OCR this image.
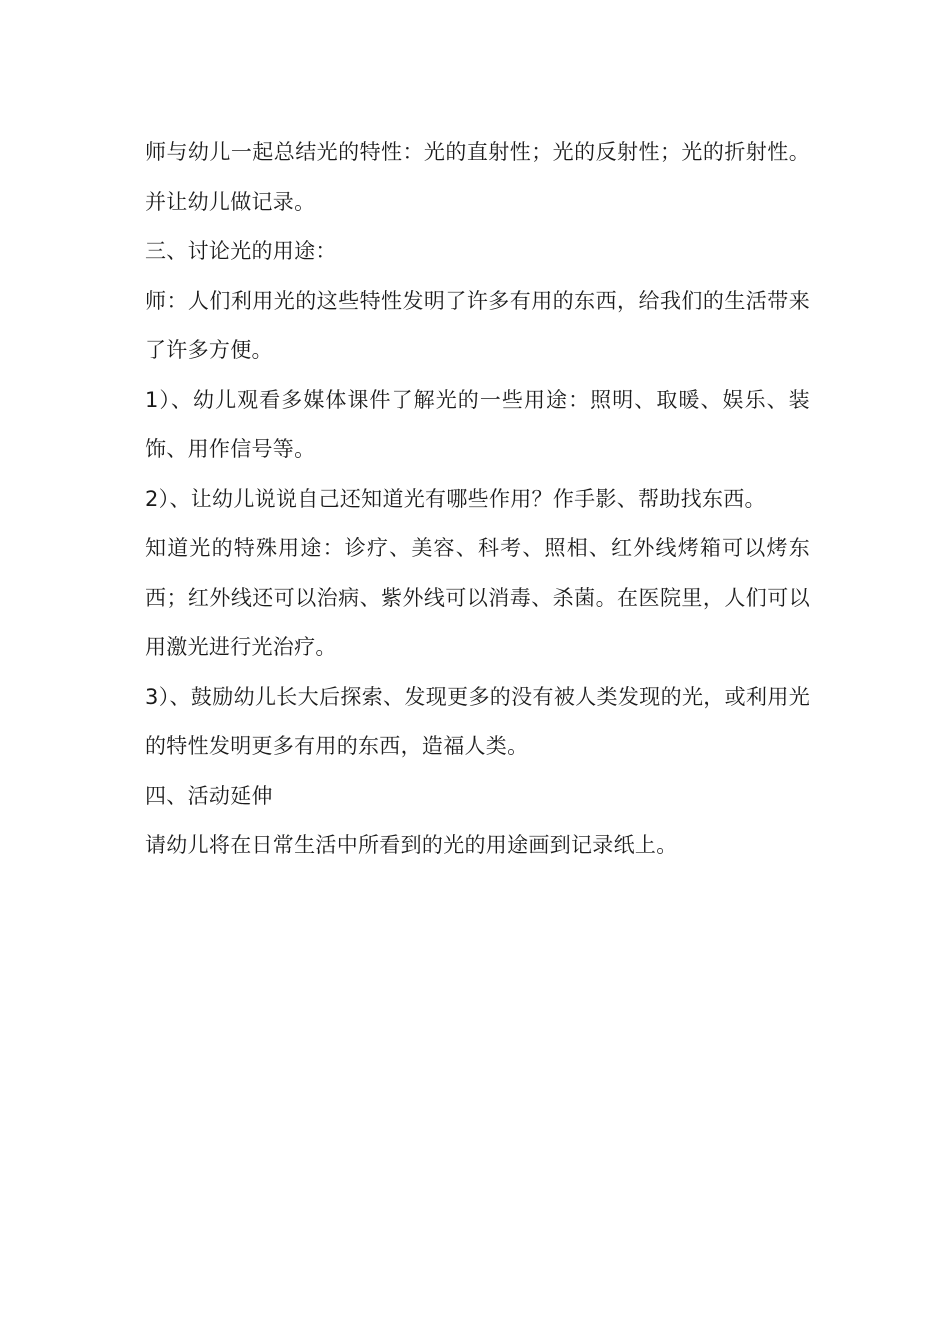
师与幼儿一起总结光的特性：光的直射性；光的反射性；光的折射性。并让幼儿做记录。

三、讨论光的用途：

师：人们利用光的这些特性发明了许多有用的东西，给我们的生活带来了许多方便。

1）、幼儿观看多媒体课件了解光的一些用途：照明、取暖、娱乐、装饰、用作信号等。

2）、让幼儿说说自己还知道光有哪些作用？作手影、帮助找东西。

知道光的特殊用途：诊疗、美容、科考、照相、红外线烤箱可以烤东西；红外线还可以治病、紫外线可以消毒、杀菌。在医院里，人们可以用激光进行光治疗。

3）、鼓励幼儿长大后探索、发现更多的没有被人类发现的光，或利用光的特性发明更多有用的东西，造福人类。

四、活动延伸

请幼儿将在日常生活中所看到的光的用途画到记录纸上。
